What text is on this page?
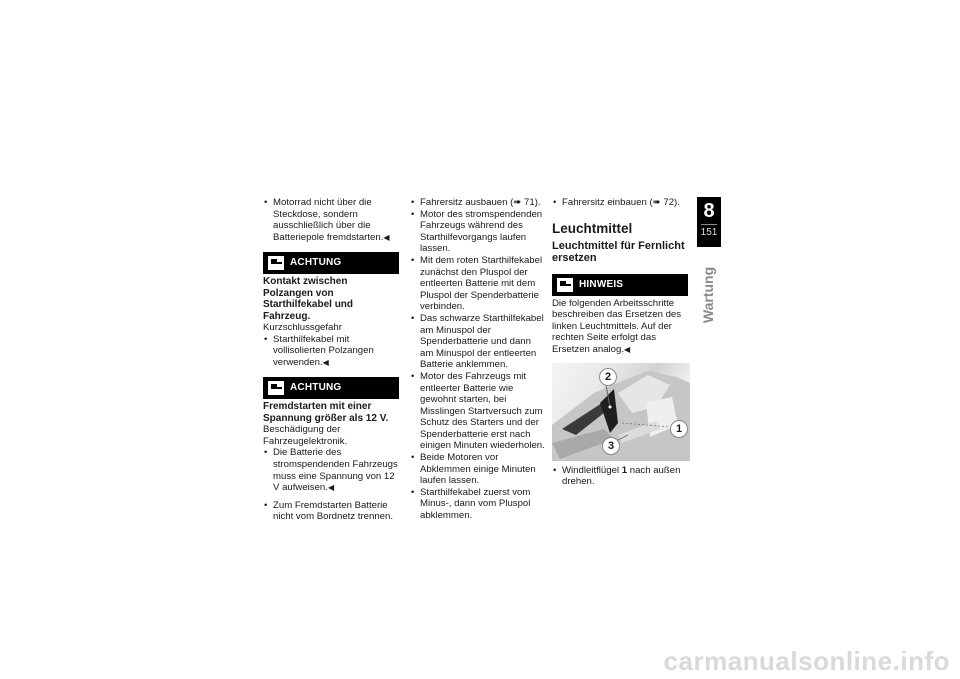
• Motorrad nicht über die Steckdose, sondern ausschließlich über die Batteriepole fremdstarten.◀
ACHTUNG
Kontakt zwischen Polzangen von Starthilfekabel und Fahrzeug.
Kurzschlussgefahr
• Starthilfekabel mit vollisolierten Polzangen verwenden.◀
ACHTUNG
Fremdstarten mit einer Spannung größer als 12 V.
Beschädigung der Fahrzeugelektronik.
• Die Batterie des stromspendenden Fahrzeugs muss eine Spannung von 12 V aufweisen.◀
• Zum Fremdstarten Batterie nicht vom Bordnetz trennen.
• Fahrersitz ausbauen (➠ 71).
• Motor des stromspendenden Fahrzeugs während des Starthilfevorgangs laufen lassen.
• Mit dem roten Starthilfekabel zunächst den Pluspol der entleerten Batterie mit dem Pluspol der Spenderbatterie verbinden.
• Das schwarze Starthilfekabel am Minuspol der Spenderbatterie und dann am Minuspol der entleerten Batterie anklemmen.
• Motor des Fahrzeugs mit entleerter Batterie wie gewohnt starten, bei Misslingen Startversuch zum Schutz des Starters und der Spenderbatterie erst nach einigen Minuten wiederholen.
• Beide Motoren vor Abklemmen einige Minuten laufen lassen.
• Starthilfekabel zuerst vom Minus-, dann vom Pluspol abklemmen.
• Fahrersitz einbauen (➠ 72).
Leuchtmittel
Leuchtmittel für Fernlicht ersetzen
HINWEIS
Die folgenden Arbeitsschritte beschreiben das Ersetzen des linken Leuchtmittels. Auf der rechten Seite erfolgt das Ersetzen analog.◀
2
1
3
• Windleitflügel 1 nach außen drehen.
8
151
Wartung
carmanualsonline.info
